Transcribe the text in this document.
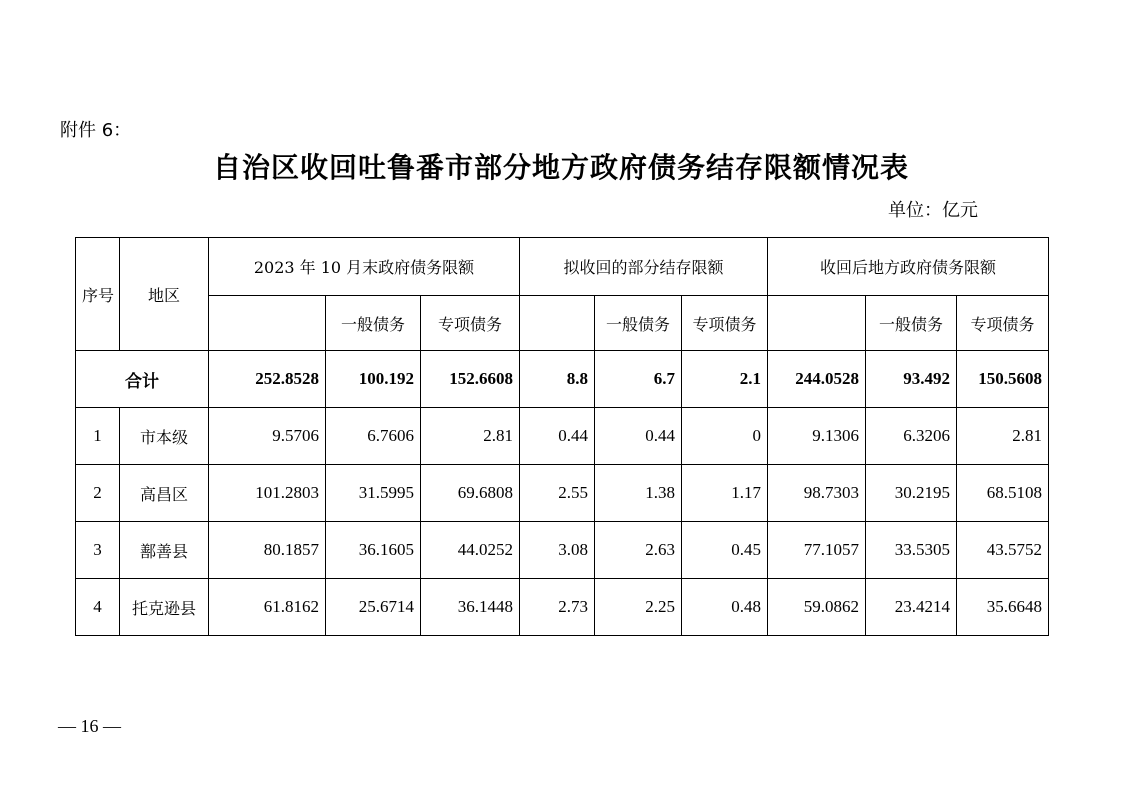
附件 6：
自治区收回吐鲁番市部分地方政府债务结存限额情况表
单位：亿元
序号	地区	2023 年 10 月末政府债务限额			拟收回的部分结存限额			收回后地方政府债务限额		
			一般债务	专项债务		一般债务	专项债务		一般债务	专项债务
合计		252.8528	100.192	152.6608	8.8	6.7	2.1	244.0528	93.492	150.5608
1	市本级	9.5706	6.7606	2.81	0.44	0.44	0	9.1306	6.3206	2.81
2	高昌区	101.2803	31.5995	69.6808	2.55	1.38	1.17	98.7303	30.2195	68.5108
3	鄯善县	80.1857	36.1605	44.0252	3.08	2.63	0.45	77.1057	33.5305	43.5752
4	托克逊县	61.8162	25.6714	36.1448	2.73	2.25	0.48	59.0862	23.4214	35.6648
— 16 —
